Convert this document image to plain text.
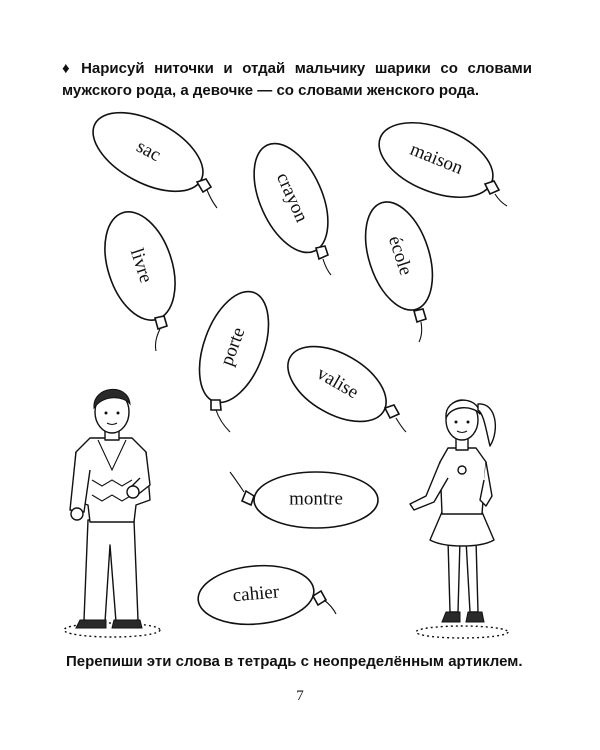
♦ Нарисуй ниточки и отдай мальчику шарики со словами мужского рода, а девочке — со словами женского рода.
sac
crayon
maison
livre	école
porte
valise
montre
cahier
Перепиши эти слова в тетрадь с неопределённым артиклем.
7
